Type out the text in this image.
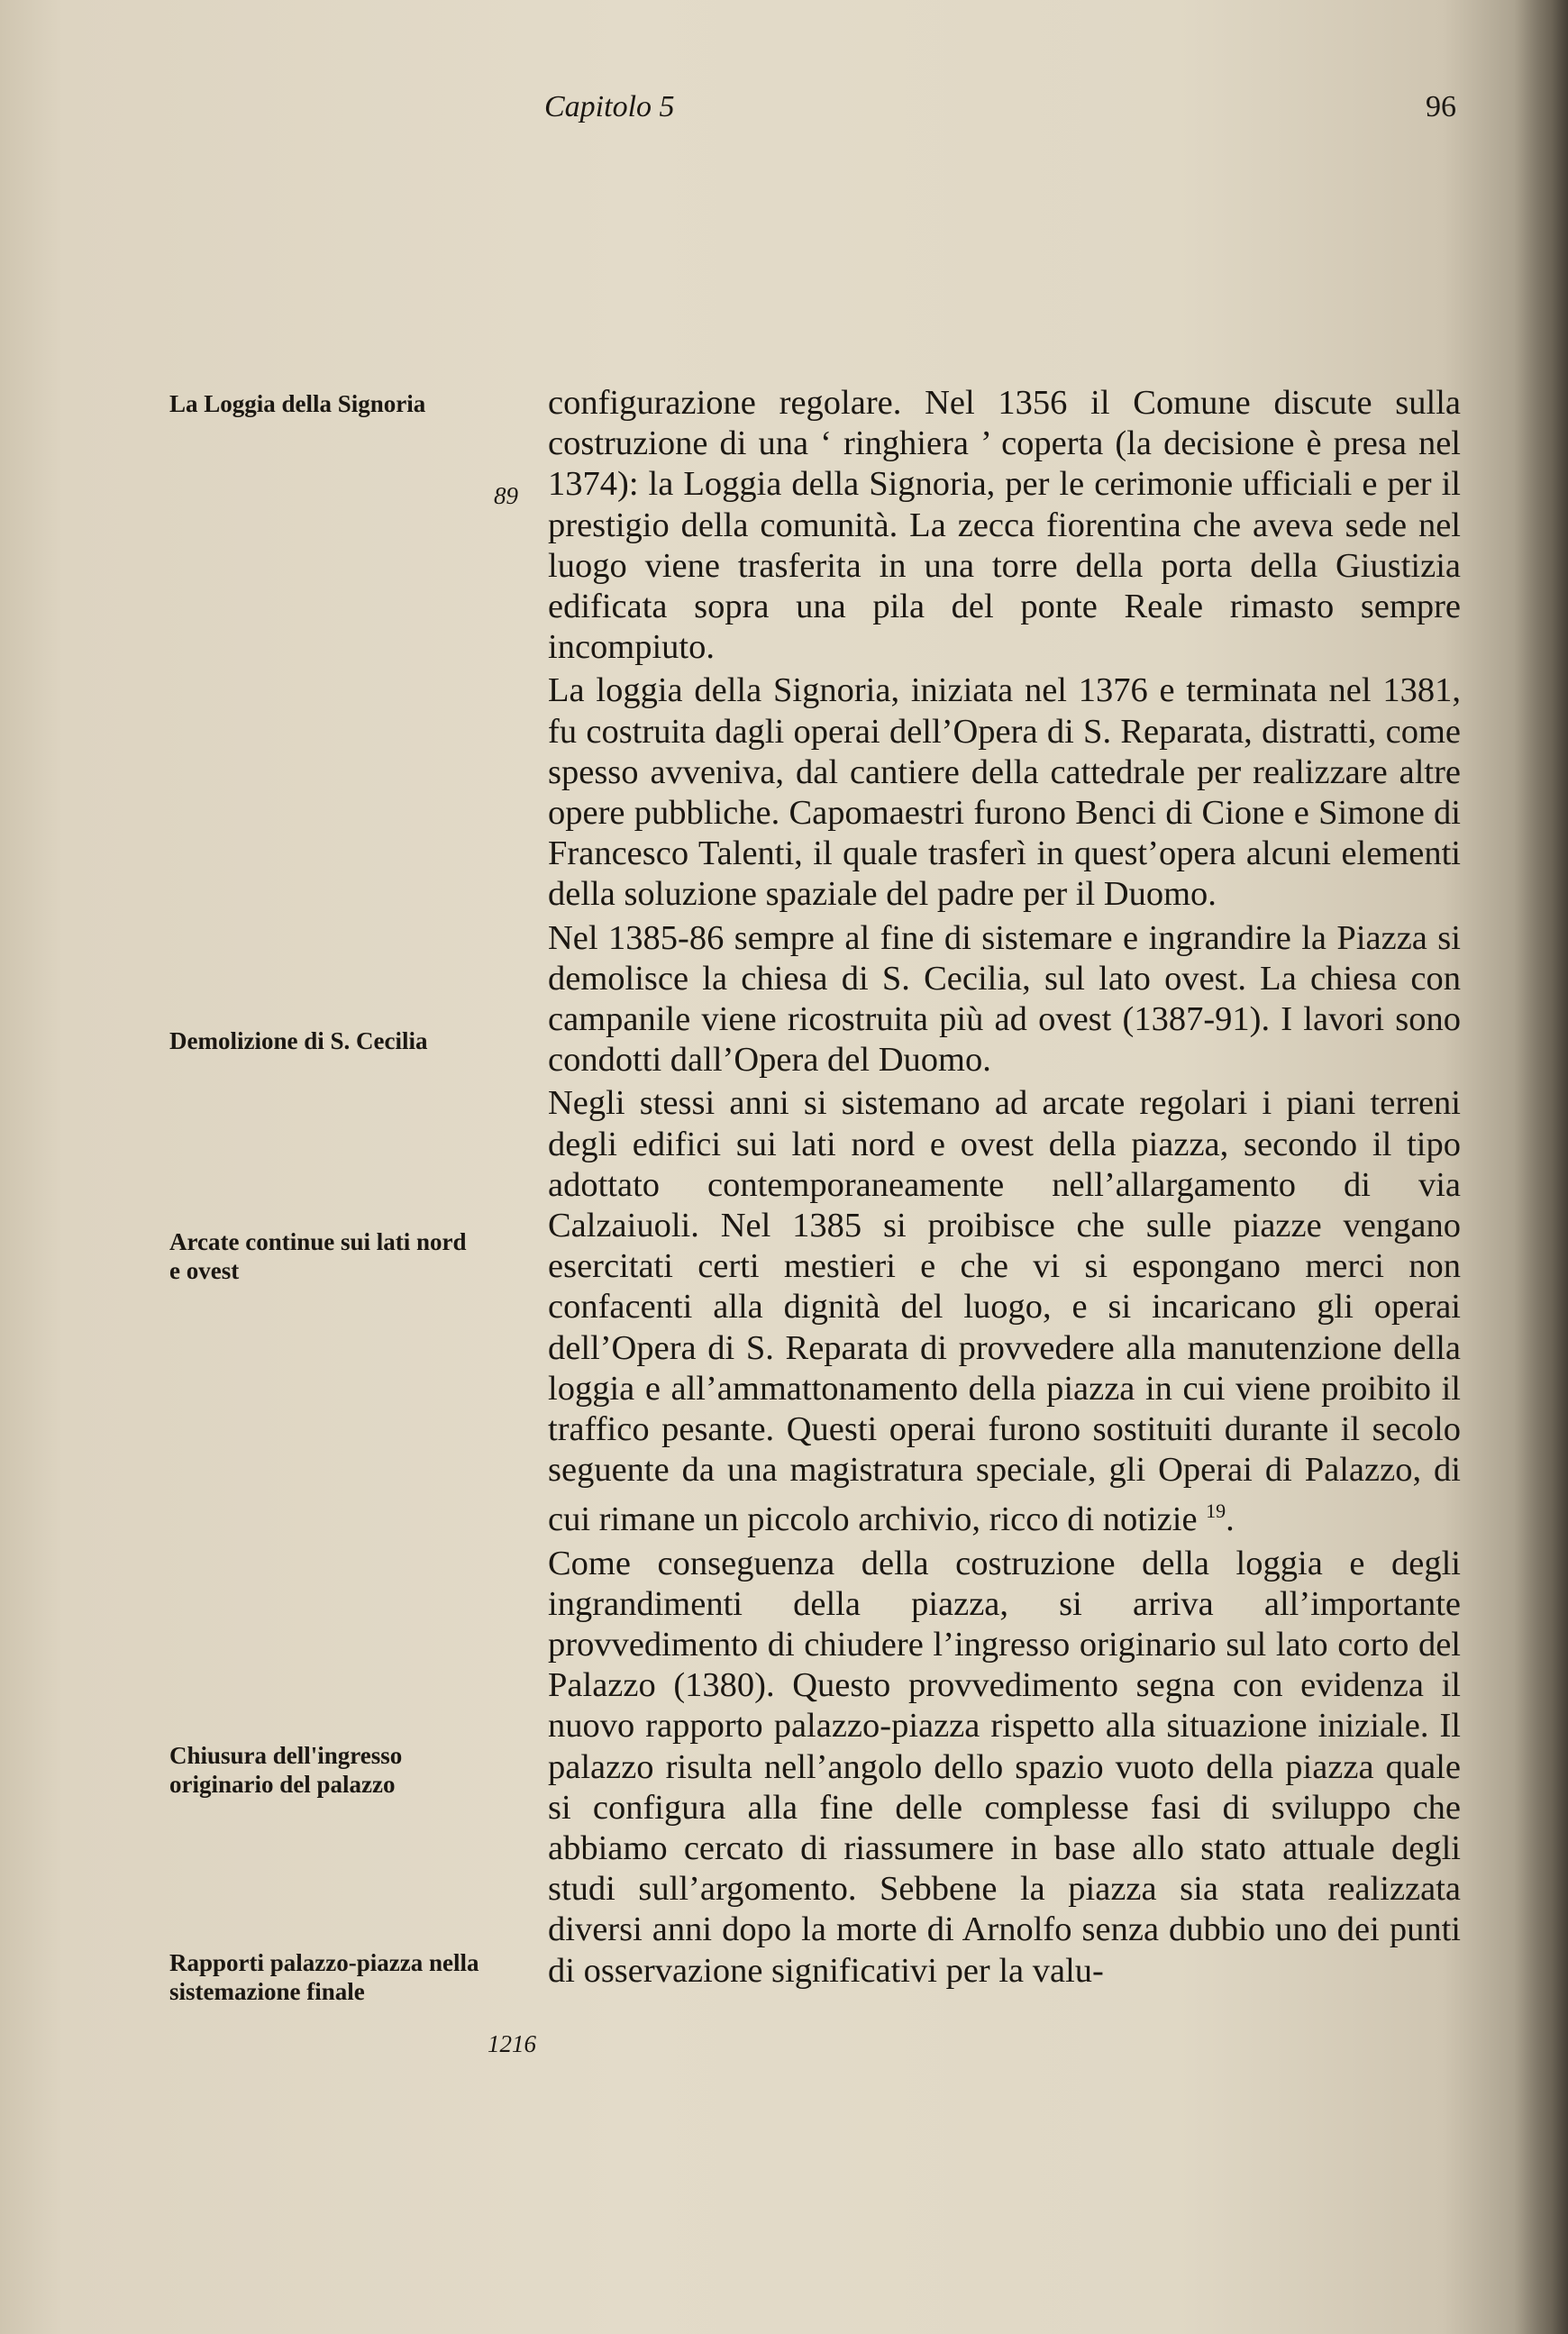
Capitolo 5	96
La Loggia della Signoria
89
Demolizione di S. Cecilia
Arcate continue sui lati nord e ovest
Chiusura dell'ingresso originario del palazzo
Rapporti palazzo-piazza nella sistemazione finale
1216

configurazione regolare. Nel 1356 il Comune discute sulla costruzione di una ‘ ringhiera ’ coperta (la decisione è presa nel 1374): la Loggia della Signoria, per le cerimonie ufficiali e per il prestigio della comunità. La zecca fiorentina che aveva sede nel luogo viene trasferita in una torre della porta della Giustizia edificata sopra una pila del ponte Reale rimasto sempre incompiuto.

La loggia della Signoria, iniziata nel 1376 e terminata nel 1381, fu costruita dagli operai dell’Opera di S. Reparata, distratti, come spesso avveniva, dal cantiere della cattedrale per realizzare altre opere pubbliche. Capomaestri furono Benci di Cione e Simone di Francesco Talenti, il quale trasferì in quest’opera alcuni elementi della soluzione spaziale del padre per il Duomo.

Nel 1385-86 sempre al fine di sistemare e ingrandire la Piazza si demolisce la chiesa di S. Cecilia, sul lato ovest. La chiesa con campanile viene ricostruita più ad ovest (1387-91). I lavori sono condotti dall’Opera del Duomo.

Negli stessi anni si sistemano ad arcate regolari i piani terreni degli edifici sui lati nord e ovest della piazza, secondo il tipo adottato contemporaneamente nell’allargamento di via Calzaiuoli. Nel 1385 si proibisce che sulle piazze vengano esercitati certi mestieri e che vi si espongano merci non confacenti alla dignità del luogo, e si incaricano gli operai dell’Opera di S. Reparata di provvedere alla manutenzione della loggia e all’ammattonamento della piazza in cui viene proibito il traffico pesante. Questi operai furono sostituiti durante il secolo seguente da una magistratura speciale, gli Operai di Palazzo, di cui rimane un piccolo archivio, ricco di notizie $^{19}$.

Come conseguenza della costruzione della loggia e degli ingrandimenti della piazza, si arriva all’importante provvedimento di chiudere l’ingresso originario sul lato corto del Palazzo (1380). Questo provvedimento segna con evidenza il nuovo rapporto palazzo-piazza rispetto alla situazione iniziale. Il palazzo risulta nell’angolo dello spazio vuoto della piazza quale si configura alla fine delle complesse fasi di sviluppo che abbiamo cercato di riassumere in base allo stato attuale degli studi sull’argomento. Sebbene la piazza sia stata realizzata diversi anni dopo la morte di Arnolfo senza dubbio uno dei punti di osservazione significativi per la valu-
